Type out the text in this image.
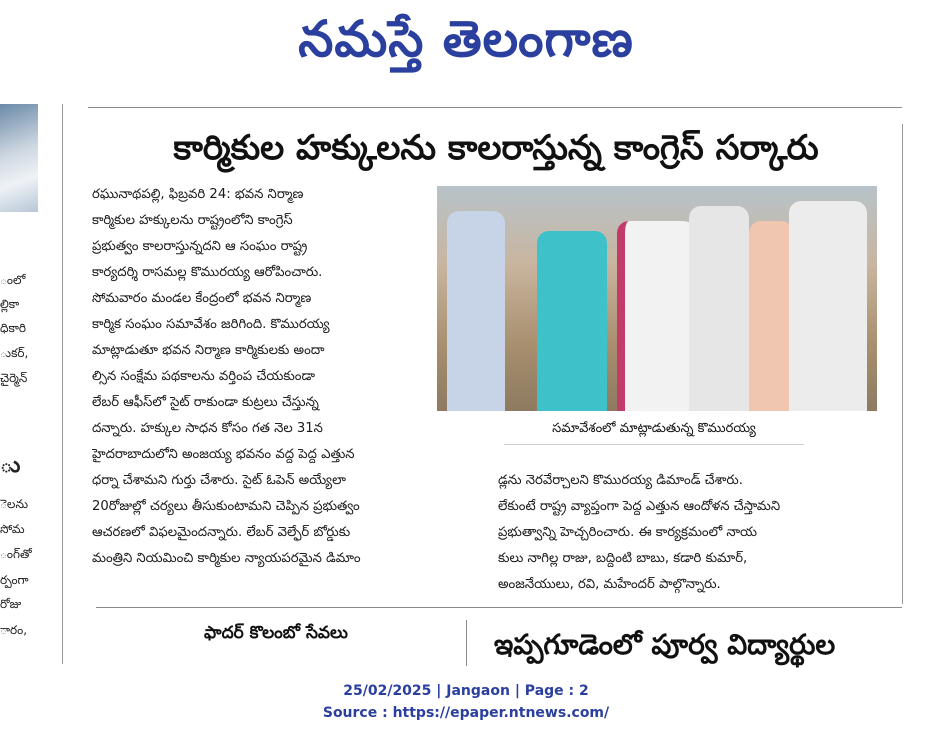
నమస్తే తెలంగాణ
ంలో
ల్లికా
ధికారి
ుకర్,
చైర్మెన్
ు
ెలను
సోమ
ంగ్‌తో
ర్పంగా
రోజు
ారం,
కార్మికుల హక్కులను కాలరాస్తున్న కాంగ్రెస్‌ సర్కారు
రఘునాథపల్లి, ఫిబ్రవరి 24: భవన నిర్మాణ
కార్మికుల హక్కులను రాష్ట్రంలోని కాంగ్రెస్‌
ప్రభుత్వం కాలరాస్తున్నదని ఆ సంఘం రాష్ట్ర
కార్యదర్శి రాసమల్ల కొమురయ్య ఆరోపించారు.
సోమవారం మండల కేంద్రంలో భవన నిర్మాణ
కార్మిక సంఘం సమావేశం జరిగింది. కొమురయ్య
మాట్లాడుతూ భవన నిర్మాణ కార్మికులకు అందా
ల్సిన సంక్షేమ పథకాలను వర్తింప చేయకుండా
లేబర్‌ ఆఫీస్‌లో సైట్‌ రాకుండా కుట్రలు చేస్తున్న
దన్నారు. హక్కుల సాధన కోసం గత నెల 31న	సమావేశంలో మాట్లాడుతున్న కొమురయ్య
హైదరాబాదులోని అంజయ్య భవనం వద్ద పెద్ద ఎత్తున
ధర్నా చేశామని గుర్తు చేశారు. సైట్‌ ఓపెన్‌ అయ్యేలా
20రోజుల్లో చర్యలు తీసుకుంటామని చెప్పిన ప్రభుత్వం
ఆచరణలో విఫలమైందన్నారు. లేబర్‌ వెల్ఫేర్‌ బోర్డుకు
మంత్రిని నియమించి కార్మికుల న్యాయపరమైన డిమాం
డ్లను నెరవేర్చాలని కొమురయ్య డిమాండ్‌ చేశారు.
లేకుంటే రాష్ట్ర వ్యాప్తంగా పెద్ద ఎత్తున ఆందోళన చేస్తామని
ప్రభుత్వాన్ని హెచ్చరించారు. ఈ కార్యక్రమంలో నాయ
కులు నాగిల్ల రాజు, బద్దింటి బాబు, కడారి కుమార్‌,
అంజనేయులు, రవి, మహేందర్‌ పాల్గొన్నారు.
ఫాదర్‌ కొలంబో సేవలు	ఇప్పగూడెంలో పూర్వ విద్యార్థుల
25/02/2025 | Jangaon | Page : 2
Source : https://epaper.ntnews.com/
